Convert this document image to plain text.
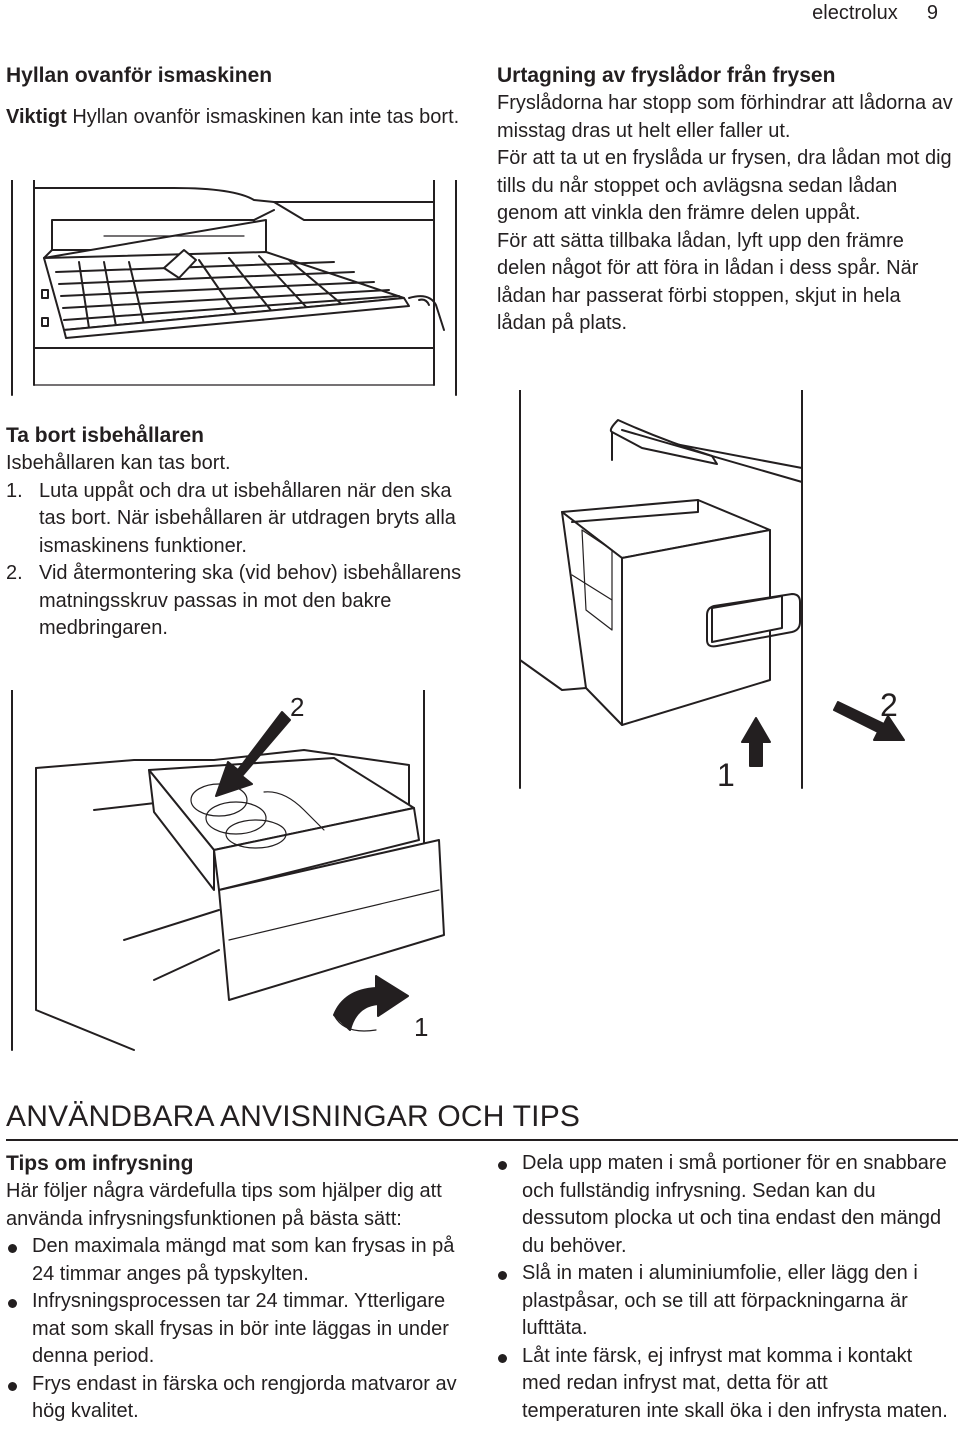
electrolux 9
Hyllan ovanför ismaskinen

Viktigt Hyllan ovanför ismaskinen kan inte tas bort.

Urtagning av fryslådor från frysen

Fryslådorna har stopp som förhindrar att lådorna av misstag dras ut helt eller faller ut.

För att ta ut en fryslåda ur frysen, dra lådan mot dig tills du når stoppet och avlägsna sedan lådan genom att vinkla den främre delen uppåt.

För att sätta tillbaka lådan, lyft upp den främre delen något för att föra in lådan i dess spår. När lådan har passerat förbi stoppen, skjut in hela lådan på plats.

1
2
Ta bort isbehållaren

Isbehållaren kan tas bort.

1. Luta uppåt och dra ut isbehållaren när den ska tas bort. När isbehållaren är utdragen bryts alla ismaskinens funktioner.
2. Vid återmontering ska (vid behov) isbehållarens matningsskruv passas in mot den bakre medbringaren.
2
1
ANVÄNDBARA ANVISNINGAR OCH TIPS
Tips om infrysning

Här följer några värdefulla tips som hjälper dig att använda infrysningsfunktionen på bästa sätt:

Den maximala mängd mat som kan frysas in på 24 timmar anges på typskylten.
Infrysningsprocessen tar 24 timmar. Ytterligare mat som skall frysas in bör inte läggas in under denna period.
Frys endast in färska och rengjorda matvaror av hög kvalitet.
Dela upp maten i små portioner för en snabbare och fullständig infrysning. Sedan kan du dessutom plocka ut och tina endast den mängd du behöver.
Slå in maten i aluminiumfolie, eller lägg den i plastpåsar, och se till att förpackningarna är lufttäta.
Låt inte färsk, ej infryst mat komma i kontakt med redan infryst mat, detta för att temperaturen inte skall öka i den infrysta maten.
